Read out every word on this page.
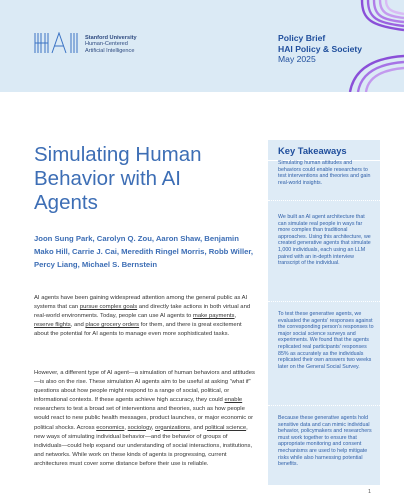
Stanford University
Human-Centered
Artificial Intelligence
Policy Brief
HAI Policy & Society
May 2025
Simulating Human Behavior with AI Agents
Joon Sung Park, Carolyn Q. Zou, Aaron Shaw, Benjamin Mako Hill, Carrie J. Cai, Meredith Ringel Morris, Robb Willer, Percy Liang, Michael S. Bernstein

AI agents have been gaining widespread attention among the general public as AI systems that can pursue complex goals and directly take actions in both virtual and real-world environments. Today, people can use AI agents to make payments, reserve flights, and place grocery orders for them, and there is great excitement about the potential for AI agents to manage even more sophisticated tasks.

However, a different type of AI agent—a simulation of human behaviors and attitudes—is also on the rise. These simulation AI agents aim to be useful at asking “what if” questions about how people might respond to a range of social, political, or informational contexts. If these agents achieve high accuracy, they could enable researchers to test a broad set of interventions and theories, such as how people would react to new public health messages, product launches, or major economic or political shocks. Across economics, sociology, organizations, and political science, new ways of simulating individual behavior—and the behavior of groups of individuals—could help expand our understanding of social interactions, institutions, and networks. While work on these kinds of agents is progressing, current architectures must cover some distance before their use is reliable.

Key Takeaways

Simulating human attitudes and behaviors could enable researchers to test interventions and theories and gain real-world insights.

We built an AI agent architecture that can simulate real people in ways far more complex than traditional approaches. Using this architecture, we created generative agents that simulate 1,000 individuals, each using an LLM paired with an in-depth interview transcript of the individual.

To test these generative agents, we evaluated the agents’ responses against the corresponding person’s responses to major social science surveys and experiments. We found that the agents replicated real participants’ responses 85% as accurately as the individuals replicated their own answers two weeks later on the General Social Survey.

Because these generative agents hold sensitive data and can mimic individual behavior, policymakers and researchers must work together to ensure that appropriate monitoring and consent mechanisms are used to help mitigate risks while also harnessing potential benefits.

1
